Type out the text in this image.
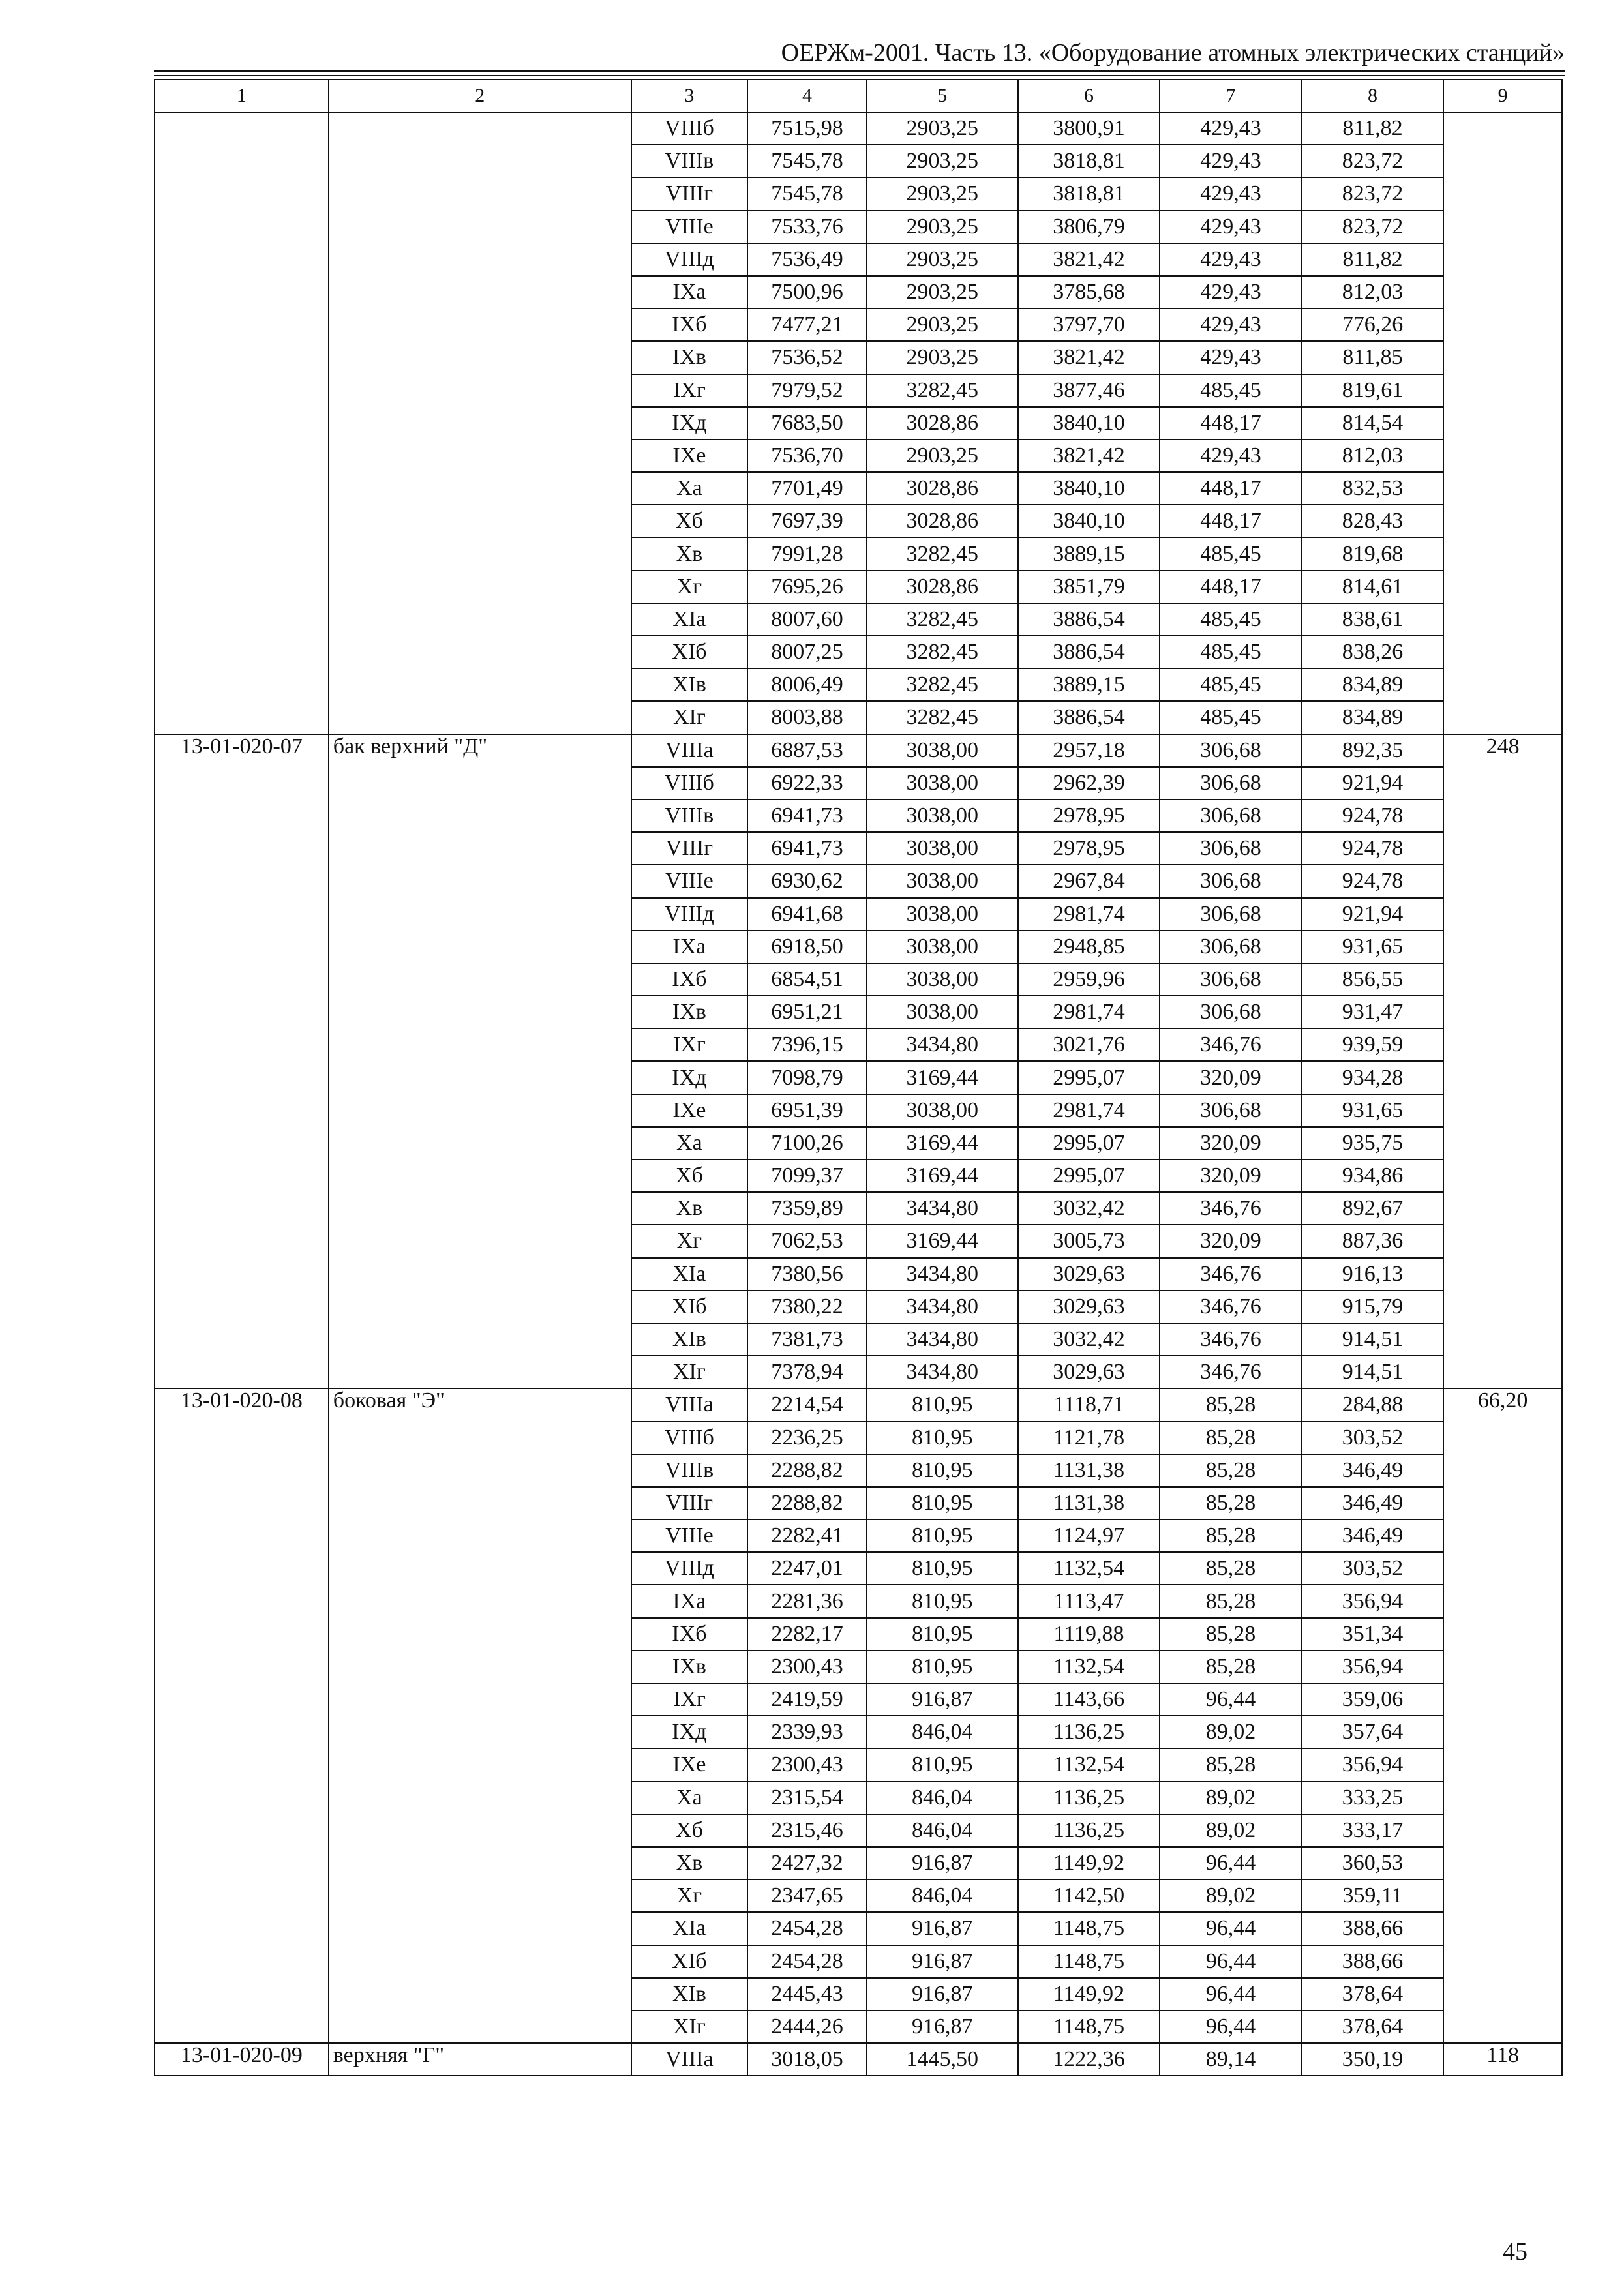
ОЕРЖм-2001. Часть 13. «Оборудование атомных электрических станций»
1	2	3	4	5	6	7	8	9
		VIIIб	7515,98	2903,25	3800,91	429,43	811,82	
		VIIIв	7545,78	2903,25	3818,81	429,43	823,72	
		VIIIг	7545,78	2903,25	3818,81	429,43	823,72	
		VIIIе	7533,76	2903,25	3806,79	429,43	823,72	
		VIIIд	7536,49	2903,25	3821,42	429,43	811,82	
		IXа	7500,96	2903,25	3785,68	429,43	812,03	
		IXб	7477,21	2903,25	3797,70	429,43	776,26	
		IXв	7536,52	2903,25	3821,42	429,43	811,85	
		IXг	7979,52	3282,45	3877,46	485,45	819,61	
		IXд	7683,50	3028,86	3840,10	448,17	814,54	
		IXе	7536,70	2903,25	3821,42	429,43	812,03	
		Xа	7701,49	3028,86	3840,10	448,17	832,53	
		Xб	7697,39	3028,86	3840,10	448,17	828,43	
		Xв	7991,28	3282,45	3889,15	485,45	819,68	
		Xг	7695,26	3028,86	3851,79	448,17	814,61	
		XIа	8007,60	3282,45	3886,54	485,45	838,61	
		XIб	8007,25	3282,45	3886,54	485,45	838,26	
		XIв	8006,49	3282,45	3889,15	485,45	834,89	
		XIг	8003,88	3282,45	3886,54	485,45	834,89	
13-01-020-07	бак верхний "Д"	VIIIа	6887,53	3038,00	2957,18	306,68	892,35	248
		VIIIб	6922,33	3038,00	2962,39	306,68	921,94	
		VIIIв	6941,73	3038,00	2978,95	306,68	924,78	
		VIIIг	6941,73	3038,00	2978,95	306,68	924,78	
		VIIIе	6930,62	3038,00	2967,84	306,68	924,78	
		VIIIд	6941,68	3038,00	2981,74	306,68	921,94	
		IXа	6918,50	3038,00	2948,85	306,68	931,65	
		IXб	6854,51	3038,00	2959,96	306,68	856,55	
		IXв	6951,21	3038,00	2981,74	306,68	931,47	
		IXг	7396,15	3434,80	3021,76	346,76	939,59	
		IXд	7098,79	3169,44	2995,07	320,09	934,28	
		IXе	6951,39	3038,00	2981,74	306,68	931,65	
		Xа	7100,26	3169,44	2995,07	320,09	935,75	
		Xб	7099,37	3169,44	2995,07	320,09	934,86	
		Xв	7359,89	3434,80	3032,42	346,76	892,67	
		Xг	7062,53	3169,44	3005,73	320,09	887,36	
		XIа	7380,56	3434,80	3029,63	346,76	916,13	
		XIб	7380,22	3434,80	3029,63	346,76	915,79	
		XIв	7381,73	3434,80	3032,42	346,76	914,51	
		XIг	7378,94	3434,80	3029,63	346,76	914,51	
13-01-020-08	боковая "Э"	VIIIа	2214,54	810,95	1118,71	85,28	284,88	66,20
		VIIIб	2236,25	810,95	1121,78	85,28	303,52	
		VIIIв	2288,82	810,95	1131,38	85,28	346,49	
		VIIIг	2288,82	810,95	1131,38	85,28	346,49	
		VIIIе	2282,41	810,95	1124,97	85,28	346,49	
		VIIIд	2247,01	810,95	1132,54	85,28	303,52	
		IXа	2281,36	810,95	1113,47	85,28	356,94	
		IXб	2282,17	810,95	1119,88	85,28	351,34	
		IXв	2300,43	810,95	1132,54	85,28	356,94	
		IXг	2419,59	916,87	1143,66	96,44	359,06	
		IXд	2339,93	846,04	1136,25	89,02	357,64	
		IXе	2300,43	810,95	1132,54	85,28	356,94	
		Xа	2315,54	846,04	1136,25	89,02	333,25	
		Xб	2315,46	846,04	1136,25	89,02	333,17	
		Xв	2427,32	916,87	1149,92	96,44	360,53	
		Xг	2347,65	846,04	1142,50	89,02	359,11	
		XIа	2454,28	916,87	1148,75	96,44	388,66	
		XIб	2454,28	916,87	1148,75	96,44	388,66	
		XIв	2445,43	916,87	1149,92	96,44	378,64	
		XIг	2444,26	916,87	1148,75	96,44	378,64	
13-01-020-09	верхняя "Г"	VIIIа	3018,05	1445,50	1222,36	89,14	350,19	118
45
